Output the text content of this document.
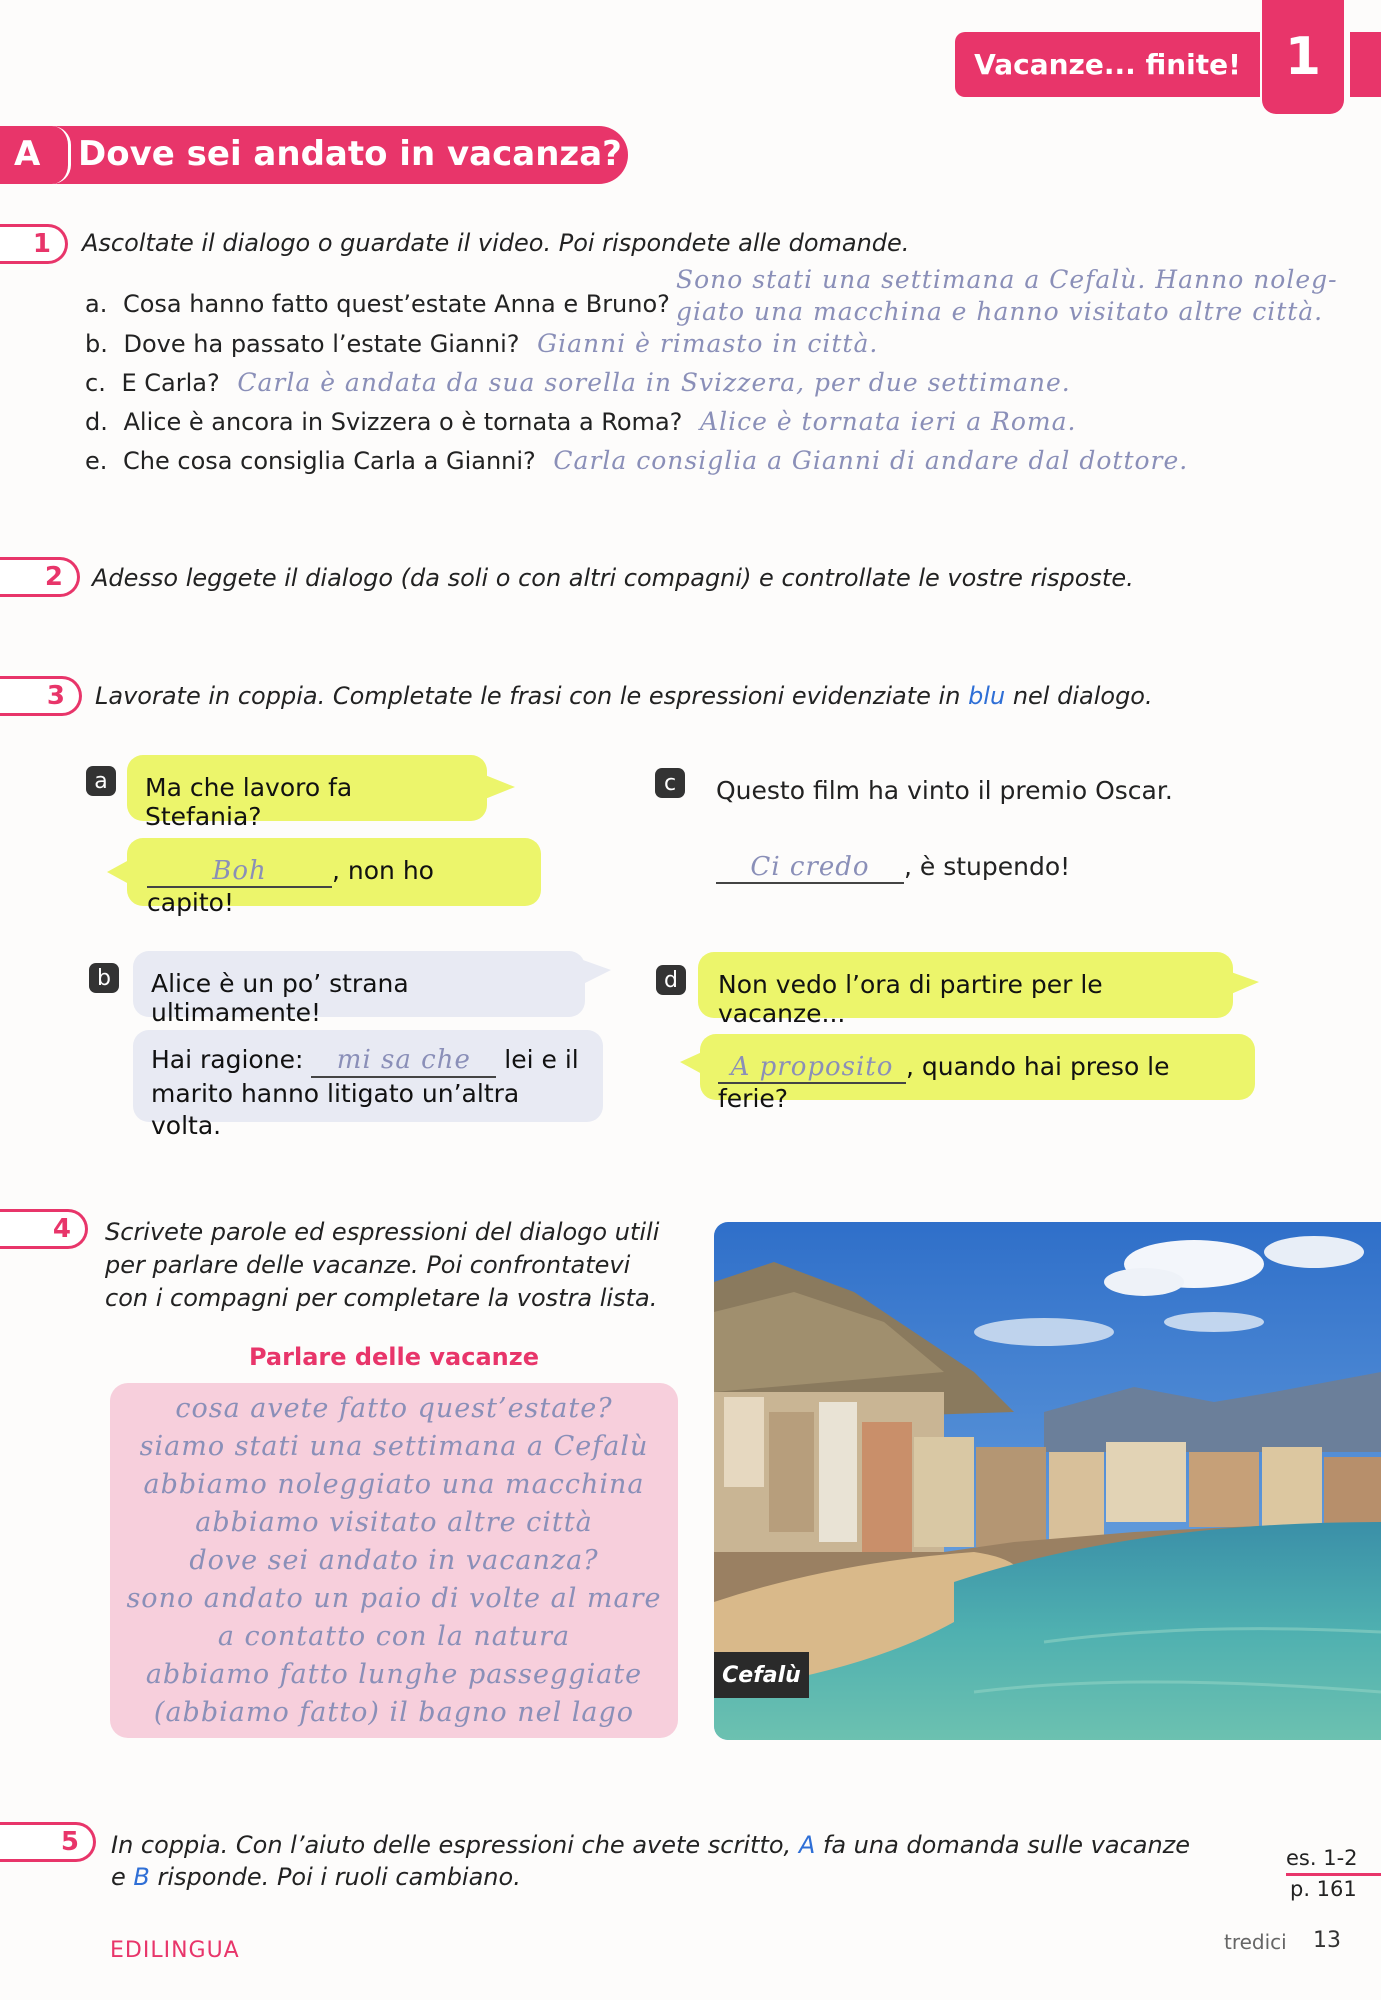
Vacanze... finite! 1
A Dove sei andato in vacanza?
1	Ascoltate il dialogo o guardate il video. Poi rispondete alle domande.
Sono stati una settimana a Cefalù. Hanno noleg-
a. Cosa hanno fatto quest’estate Anna e Bruno? giato una macchina e hanno visitato altre città.
b. Dove ha passato l’estate Gianni? Gianni è rimasto in città.
c. E Carla? Carla è andata da sua sorella in Svizzera, per due settimane.
d. Alice è ancora in Svizzera o è tornata a Roma? Alice è tornata ieri a Roma.
e. Che cosa consiglia Carla a Gianni? Carla consiglia a Gianni di andare dal dottore.
2	Adesso leggete il dialogo (da soli o con altri compagni) e controllate le vostre risposte.
3	Lavorate in coppia. Completate le frasi con le espressioni evidenziate in blu nel dialogo.
a	Ma che lavoro fa Stefania?
Boh	, non ho capito!
b	Alice è un po’ strana ultimamente!
Hai ragione: mi sa che lei e il
marito hanno litigato un’altra volta.
c	Questo film ha vinto il premio Oscar.
Ci credo , è stupendo!
d	Non vedo l’ora di partire per le vacanze...
A proposito , quando hai preso le ferie?
4	Scrivete parole ed espressioni del dialogo utili
per parlare delle vacanze. Poi confrontatevi
con i compagni per completare la vostra lista.
Parlare delle vacanze
cosa avete fatto quest’estate?
siamo stati una settimana a Cefalù
abbiamo noleggiato una macchina
abbiamo visitato altre città
dove sei andato in vacanza?
sono andato un paio di volte al mare
a contatto con la natura
abbiamo fatto lunghe passeggiate
(abbiamo fatto) il bagno nel lago
Cefalù
5	In coppia. Con l’aiuto delle espressioni che avete scritto, A fa una domanda sulle vacanze
e B risponde. Poi i ruoli cambiano.
es. 1-2
p. 161
EDILINGUA	tredici 13
